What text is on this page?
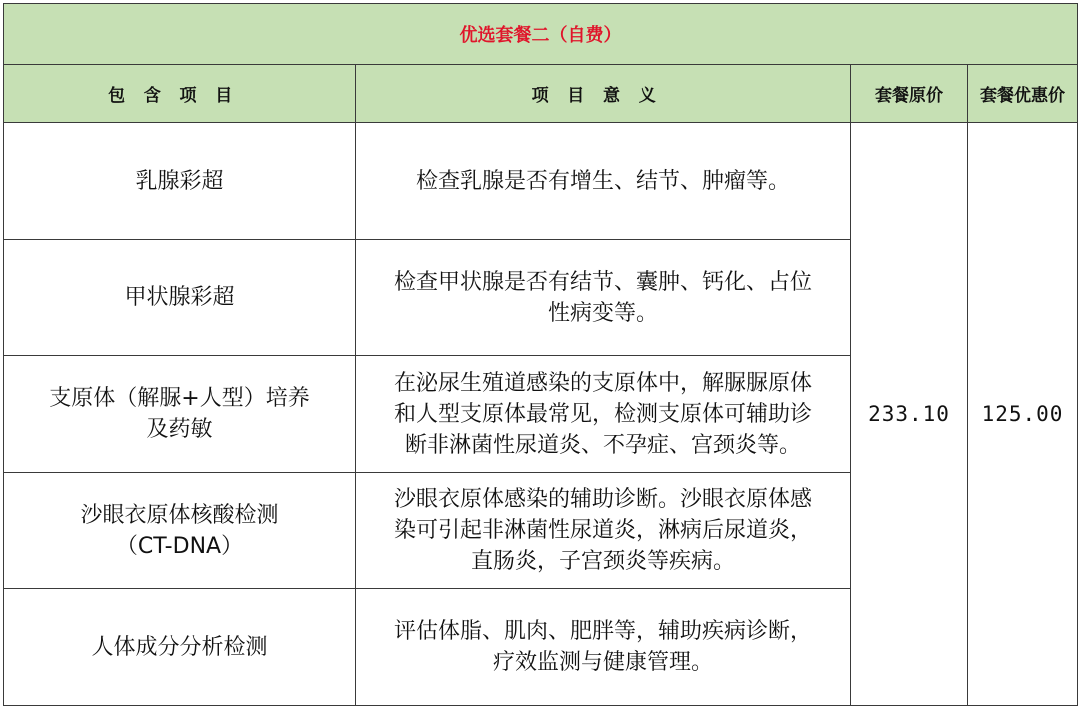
优选套餐二（自费）			
包含项目	项目意义	套餐原价	套餐优惠价

乳腺彩超	检查乳腺是否有增生、结节、肿瘤等。	233.10	125.00

甲状腺彩超	检查甲状腺是否有结节、囊肿、钙化、占位
性病变等。		

支原体（解脲+人型）培养
及药敏	在泌尿生殖道感染的支原体中，解脲脲原体
和人型支原体最常见，检测支原体可辅助诊
断非淋菌性尿道炎、不孕症、宫颈炎等。		

沙眼衣原体核酸检测
（CT-DNA）	沙眼衣原体感染的辅助诊断。沙眼衣原体感
染可引起非淋菌性尿道炎，淋病后尿道炎，
直肠炎，子宫颈炎等疾病。		

人体成分分析检测	评估体脂、肌肉、肥胖等，辅助疾病诊断，
疗效监测与健康管理。		
